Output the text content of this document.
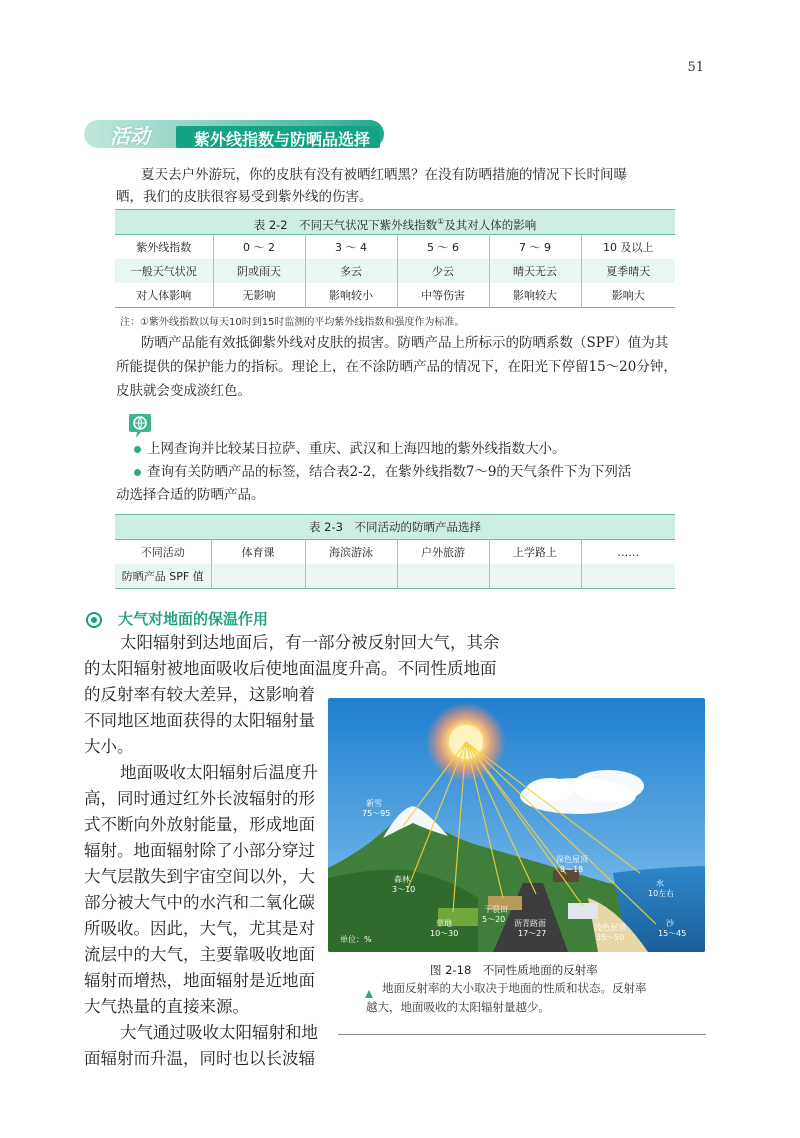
51
活动	紫外线指数与防晒品选择
夏天去户外游玩，你的皮肤有没有被晒红晒黑？在没有防晒措施的情况下长时间曝
晒，我们的皮肤很容易受到紫外线的伤害。
表 2-2　不同天气状况下紫外线指数①及其对人体的影响
紫外线指数	0 ～ 2	3 ～ 4	5 ～ 6	7 ～ 9	10 及以上
一般天气状况	阴或雨天	多云	少云	晴天无云	夏季晴天
对人体影响	无影响	影响较小	中等伤害	影响较大	影响大
注：①紫外线指数以每天10时到15时监测的平均紫外线指数和强度作为标准。
防晒产品能有效抵御紫外线对皮肤的损害。防晒产品上所标示的防晒系数（SPF）值为其
所能提供的保护能力的指标。理论上，在不涂防晒产品的情况下，在阳光下停留15～20分钟，
皮肤就会变成淡红色。
上网查询并比较某日拉萨、重庆、武汉和上海四地的紫外线指数大小。
查询有关防晒产品的标签，结合表2-2，在紫外线指数7～9的天气条件下为下列活
动选择合适的防晒产品。
表 2-3　不同活动的防晒产品选择
不同活动	体育课	海滨游泳	户外旅游	上学路上	……
防晒产品 SPF 值					
大气对地面的保温作用
太阳辐射到达地面后，有一部分被反射回大气，其余
的太阳辐射被地面吸收后使地面温度升高。不同性质地面
的反射率有较大差异，这影响着
不同地区地面获得的太阳辐射量
大小。
地面吸收太阳辐射后温度升
高，同时通过红外长波辐射的形
式不断向外放射能量，形成地面
辐射。地面辐射除了小部分穿过
大气层散失到宇宙空间以外，大
部分被大气中的水汽和二氧化碳
所吸收。因此，大气，尤其是对
流层中的大气，主要靠吸收地面
辐射而增热，地面辐射是近地面
大气热量的直接来源。
大气通过吸收太阳辐射和地
面辐射而升温，同时也以长波辐
新雪
75～95
森林
3～10
草地
10～30
干裂田
5～20 沥青路面
17～27
深色屋顶
8～18
浅色屋顶
35～50
水
10左右
沙
15～45
单位：%
图 2-18　不同性质地面的反射率
地面反射率的大小取决于地面的性质和状态。反射率
越大，地面吸收的太阳辐射量越少。
